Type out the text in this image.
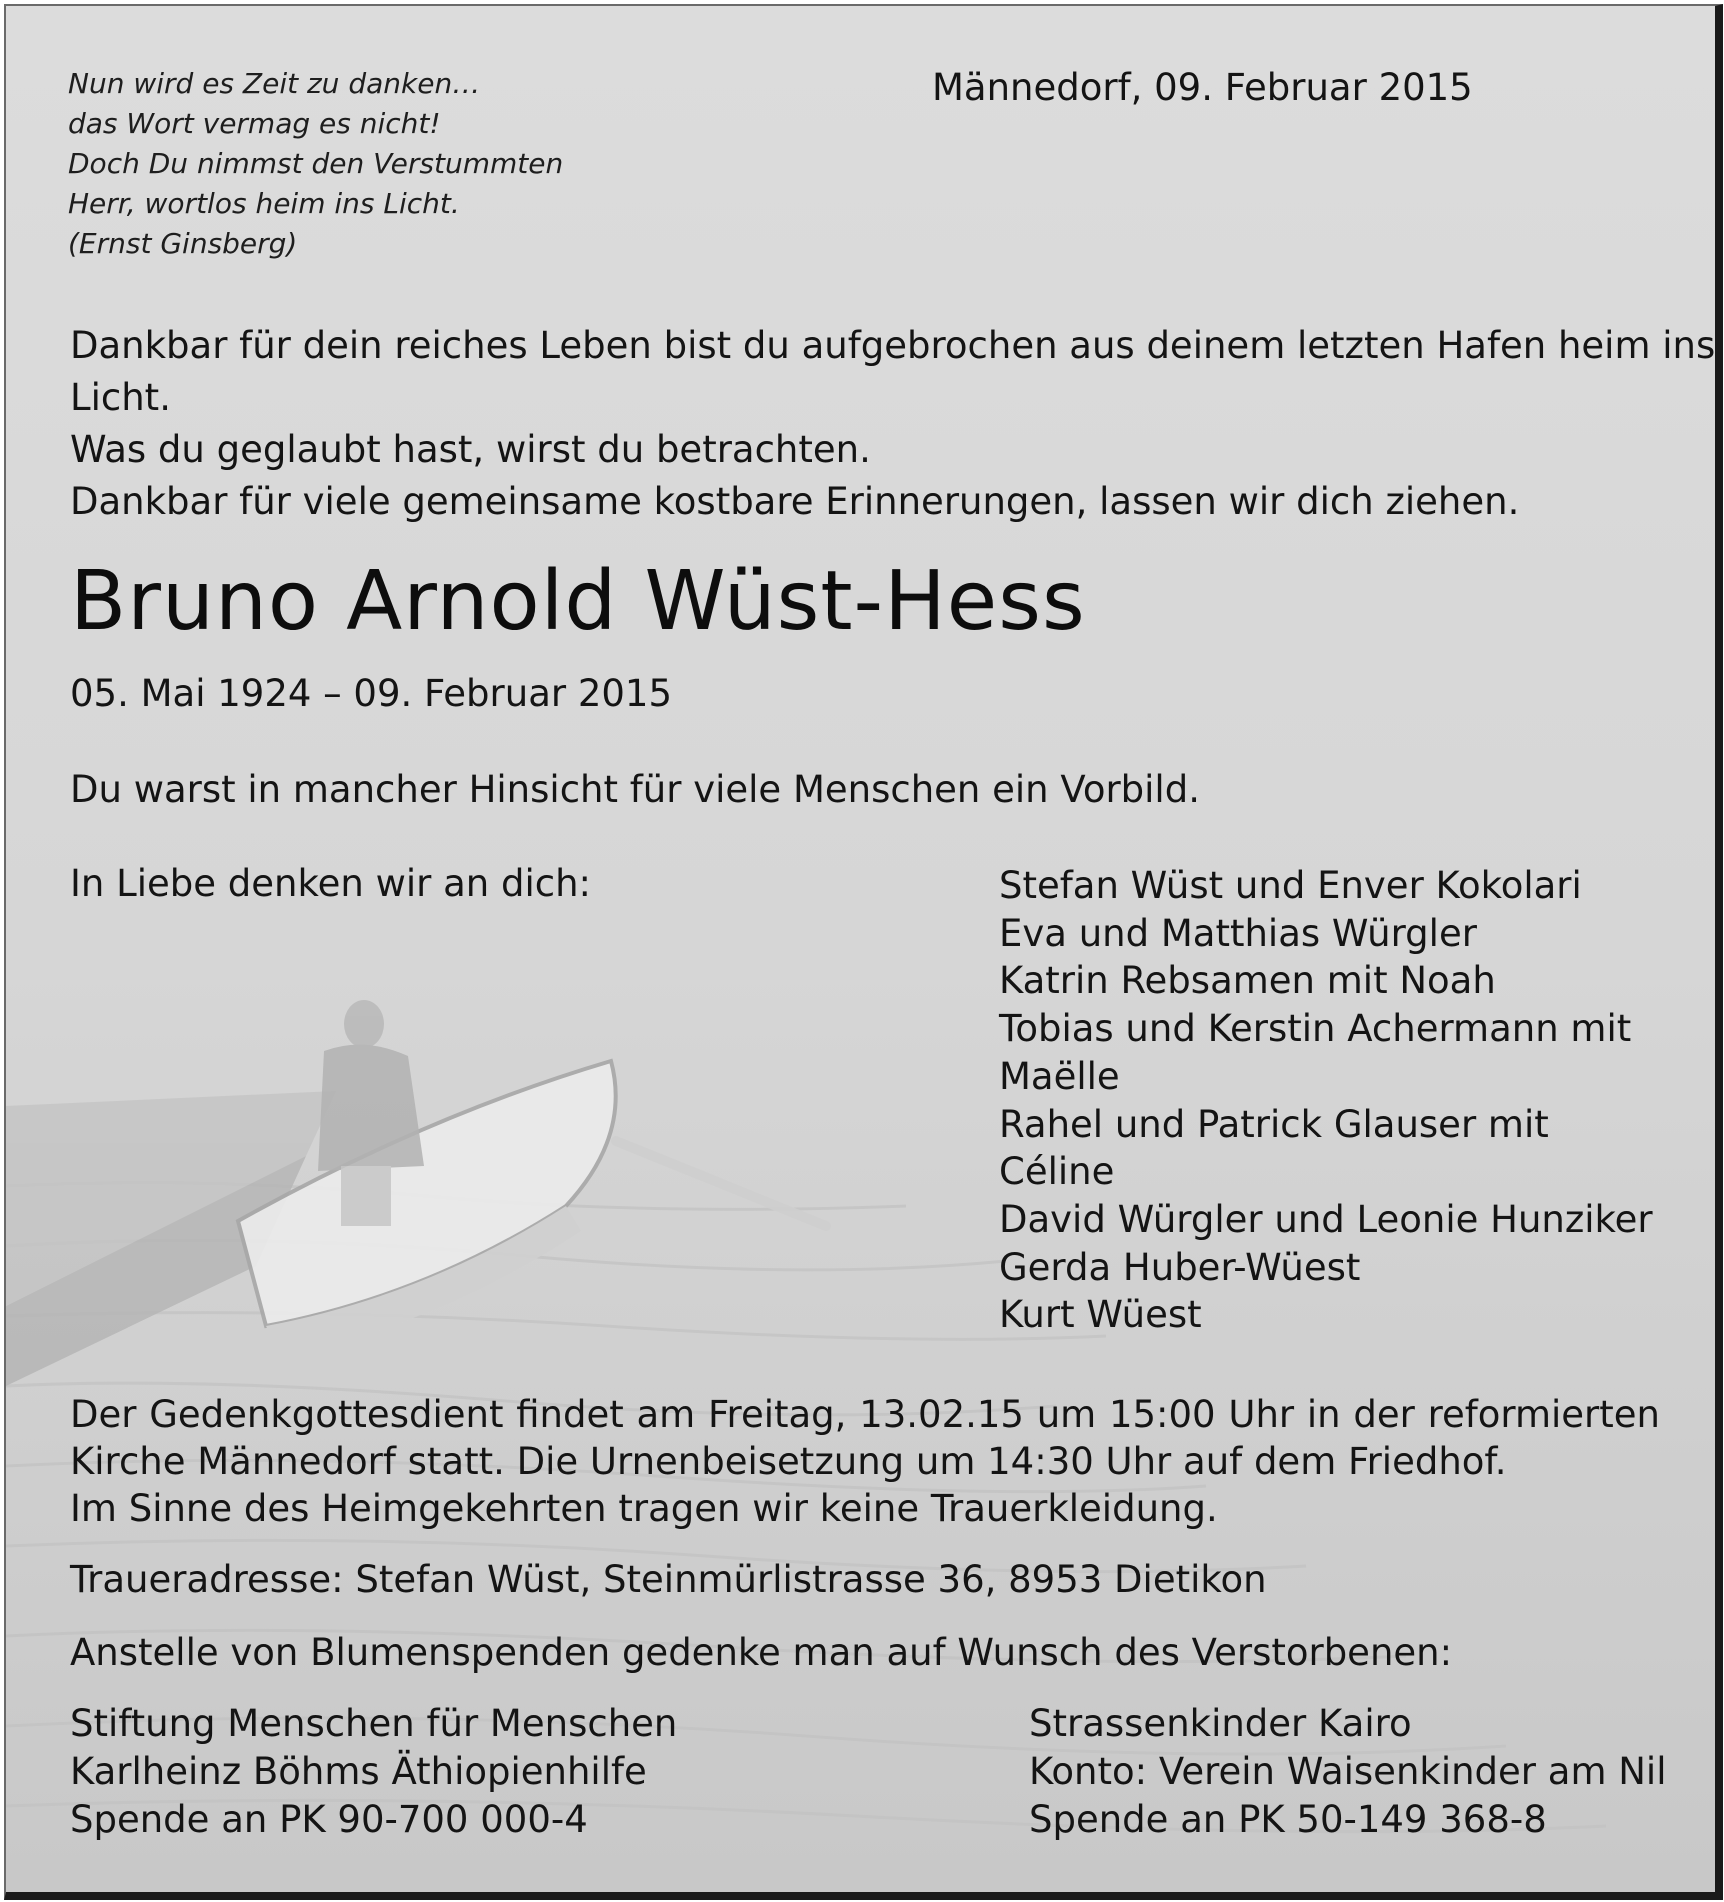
Nun wird es Zeit zu danken…
das Wort vermag es nicht!
Doch Du nimmst den Verstummten
Herr, wortlos heim ins Licht.
(Ernst Ginsberg)
Männedorf, 09. Februar 2015
Dankbar für dein reiches Leben bist du aufgebrochen aus deinem letzten Hafen heim ins
Licht.
Was du geglaubt hast, wirst du betrachten.
Dankbar für viele gemeinsame kostbare Erinnerungen, lassen wir dich ziehen.
Bruno Arnold Wüst-Hess
05. Mai 1924 – 09. Februar 2015
Du warst in mancher Hinsicht für viele Menschen ein Vorbild.
In Liebe denken wir an dich:	Stefan Wüst und Enver Kokolari
Eva und Matthias Würgler
Katrin Rebsamen mit Noah
Tobias und Kerstin Achermann mit
Maëlle
Rahel und Patrick Glauser mit
Céline
David Würgler und Leonie Hunziker
Gerda Huber-Wüest
Kurt Wüest
Der Gedenkgottesdient findet am Freitag, 13.02.15 um 15:00 Uhr in der reformierten
Kirche Männedorf statt. Die Urnenbeisetzung um 14:30 Uhr auf dem Friedhof.
Im Sinne des Heimgekehrten tragen wir keine Trauerkleidung.
Traueradresse: Stefan Wüst, Steinmürlistrasse 36, 8953 Dietikon
Anstelle von Blumenspenden gedenke man auf Wunsch des Verstorbenen:
Stiftung Menschen für Menschen
Karlheinz Böhms Äthiopienhilfe
Spende an PK 90-700 000-4
Strassenkinder Kairo
Konto: Verein Waisenkinder am Nil
Spende an PK 50-149 368-8
